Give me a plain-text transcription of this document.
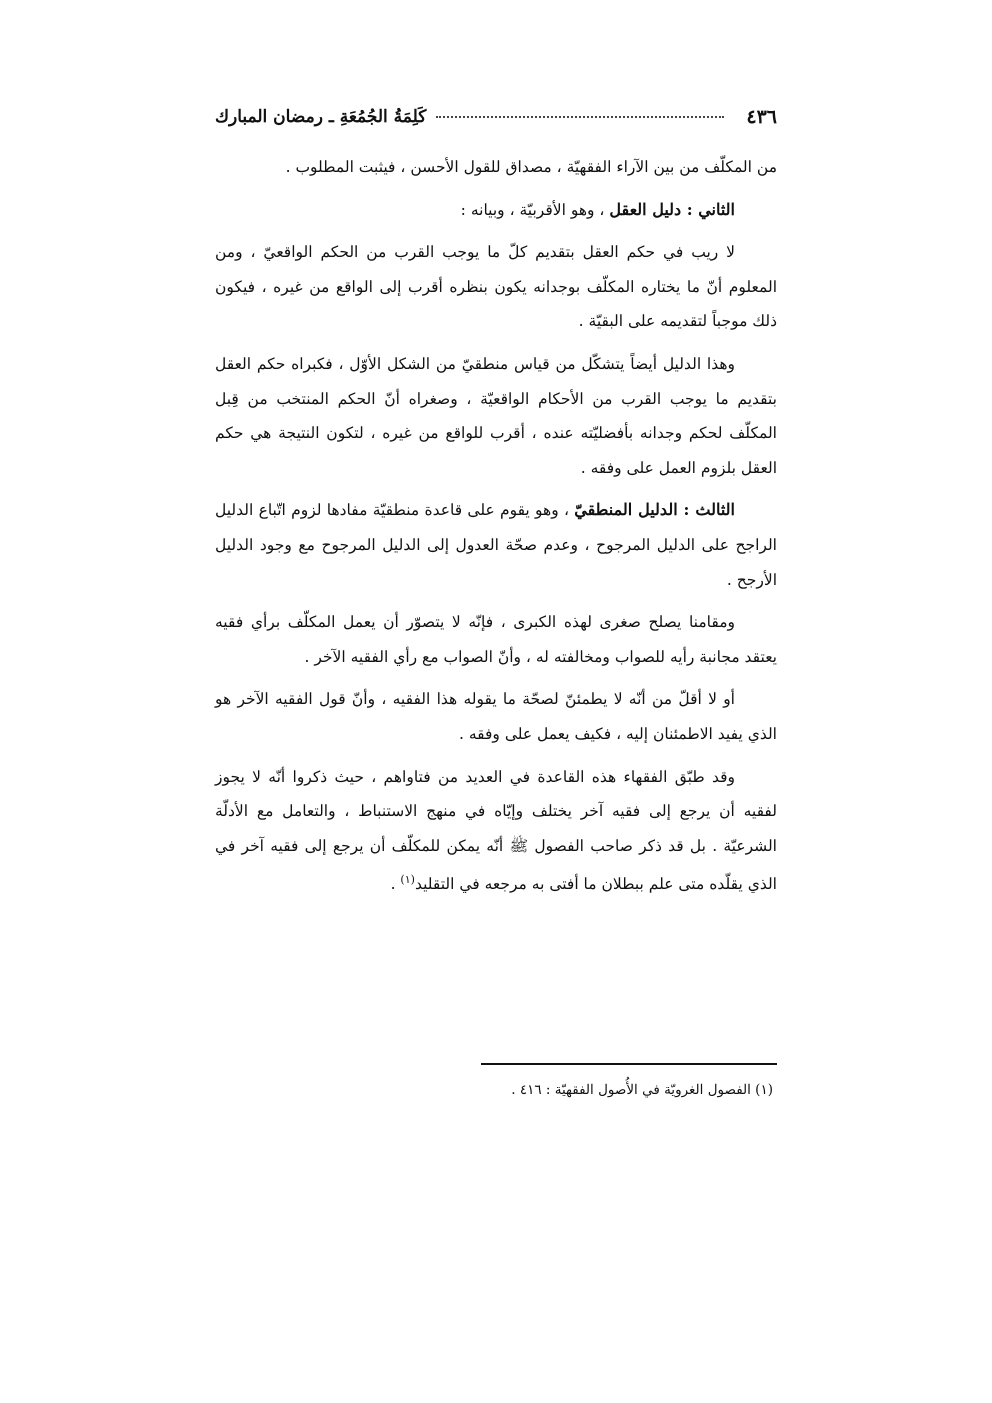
٤٣٦
كَلِمَةُ الجُمُعَةِ ـ رمضان المبارك

من المكلّف من بين الآراء الفقهيّة ، مصداق للقول الأحسن ، فيثبت المطلوب .

الثاني : دليل العقل ، وهو الأقربيّة ، وبيانه :

لا ريب في حكم العقل بتقديم كلّ ما يوجب القرب من الحكم الواقعيّ ، ومن المعلوم أنّ ما يختاره المكلّف بوجدانه يكون بنظره أقرب إلى الواقع من غيره ، فيكون ذلك موجباً لتقديمه على البقيّة .

وهذا الدليل أيضاً يتشكّل من قياس منطقيّ من الشكل الأوّل ، فكبراه حكم العقل بتقديم ما يوجب القرب من الأحكام الواقعيّة ، وصغراه أنّ الحكم المنتخب من قِبل المكلّف لحكم وجدانه بأفضليّته عنده ، أقرب للواقع من غيره ، لتكون النتيجة هي حكم العقل بلزوم العمل على وفقه .

الثالث : الدليل المنطقيّ ، وهو يقوم على قاعدة منطقيّة مفادها لزوم اتّباع الدليل الراجح على الدليل المرجوح ، وعدم صحّة العدول إلى الدليل المرجوح مع وجود الدليل الأرجح .

ومقامنا يصلح صغرى لهذه الكبرى ، فإنّه لا يتصوّر أن يعمل المكلّف برأي فقيه يعتقد مجانبة رأيه للصواب ومخالفته له ، وأنّ الصواب مع رأي الفقيه الآخر .

أو لا أقلّ من أنّه لا يطمئنّ لصحّة ما يقوله هذا الفقيه ، وأنّ قول الفقيه الآخر هو الذي يفيد الاطمئنان إليه ، فكيف يعمل على وفقه .

وقد طبّق الفقهاء هذه القاعدة في العديد من فتاواهم ، حيث ذكروا أنّه لا يجوز لفقيه أن يرجع إلى فقيه آخر يختلف وإيّاه في منهج الاستنباط ، والتعامل مع الأدلّة الشرعيّة . بل قد ذكر صاحب الفصول ﷺ أنّه يمكن للمكلّف أن يرجع إلى فقيه آخر في الذي يقلّده متى علم ببطلان ما أفتى به مرجعه في التقليد$^{(١)}$ .

(١) الفصول الغرويّة في الأُصول الفقهيّة : ٤١٦ .
